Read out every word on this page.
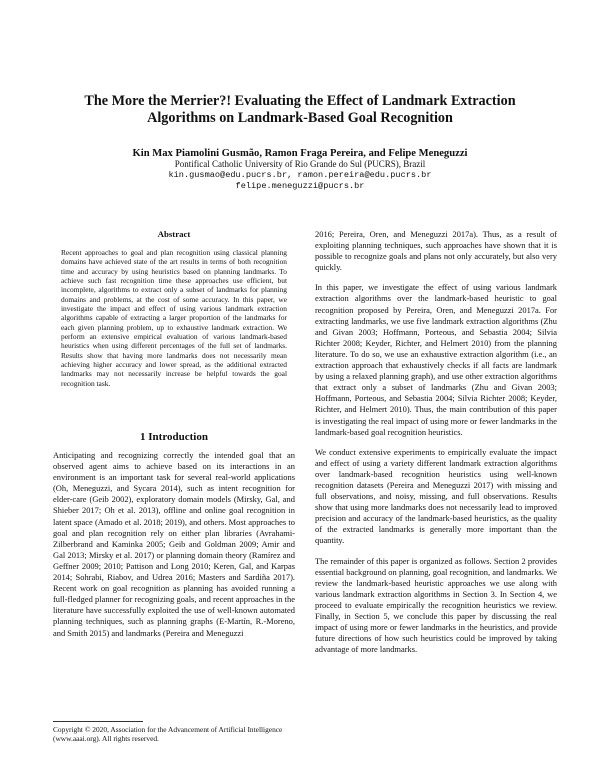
The More the Merrier?! Evaluating the Effect of Landmark Extraction
Algorithms on Landmark-Based Goal Recognition
Kin Max Piamolini Gusmão, Ramon Fraga Pereira, and Felipe Meneguzzi
Pontifical Catholic University of Rio Grande do Sul (PUCRS), Brazil
kin.gusmao@edu.pucrs.br, ramon.pereira@edu.pucrs.br
felipe.meneguzzi@pucrs.br
Abstract

Recent approaches to goal and plan recognition using classical planning domains have achieved state of the art results in terms of both recognition time and accuracy by using heuristics based on planning landmarks. To achieve such fast recognition time these approaches use efficient, but incomplete, algorithms to extract only a subset of landmarks for planning domains and problems, at the cost of some accuracy. In this paper, we investigate the impact and effect of using various landmark extraction algorithms capable of extracting a larger proportion of the landmarks for each given planning problem, up to exhaustive landmark extraction. We perform an extensive empirical evaluation of various landmark-based heuristics when using different percentages of the full set of landmarks. Results show that having more landmarks does not necessarily mean achieving higher accuracy and lower spread, as the additional extracted landmarks may not necessarily increase be helpful towards the goal recognition task.

1 Introduction

Anticipating and recognizing correctly the intended goal that an observed agent aims to achieve based on its interactions in an environment is an important task for several real-world applications (Oh, Meneguzzi, and Sycara 2014), such as intent recognition for elder-care (Geib 2002), exploratory domain models (Mirsky, Gal, and Shieber 2017; Oh et al. 2013), offline and online goal recognition in latent space (Amado et al. 2018; 2019), and others. Most approaches to goal and plan recognition rely on either plan libraries (Avrahami-Zilberbrand and Kaminka 2005; Geib and Goldman 2009; Amir and Gal 2013; Mirsky et al. 2017) or planning domain theory (Ramírez and Geffner 2009; 2010; Pattison and Long 2010; Keren, Gal, and Karpas 2014; Sohrabi, Riabov, and Udrea 2016; Masters and Sardiña 2017). Recent work on goal recognition as planning has avoided running a full-fledged planner for recognizing goals, and recent approaches in the literature have successfully exploited the use of well-known automated planning techniques, such as planning graphs (E-Martín, R.-Moreno, and Smith 2015) and landmarks (Pereira and Meneguzzi

Copyright © 2020, Association for the Advancement of Artificial Intelligence (www.aaai.org). All rights reserved.

2016; Pereira, Oren, and Meneguzzi 2017a). Thus, as a result of exploiting planning techniques, such approaches have shown that it is possible to recognize goals and plans not only accurately, but also very quickly.

In this paper, we investigate the effect of using various landmark extraction algorithms over the landmark-based heuristic to goal recognition proposed by Pereira, Oren, and Meneguzzi 2017a. For extracting landmarks, we use five landmark extraction algorithms (Zhu and Givan 2003; Hoffmann, Porteous, and Sebastia 2004; Silvia Richter 2008; Keyder, Richter, and Helmert 2010) from the planning literature. To do so, we use an exhaustive extraction algorithm (i.e., an extraction approach that exhaustively checks if all facts are landmark by using a relaxed planning graph), and use other extraction algorithms that extract only a subset of landmarks (Zhu and Givan 2003; Hoffmann, Porteous, and Sebastia 2004; Silvia Richter 2008; Keyder, Richter, and Helmert 2010). Thus, the main contribution of this paper is investigating the real impact of using more or fewer landmarks in the landmark-based goal recognition heuristics.

We conduct extensive experiments to empirically evaluate the impact and effect of using a variety different landmark extraction algorithms over landmark-based recognition heuristics using well-known recognition datasets (Pereira and Meneguzzi 2017) with missing and full observations, and noisy, missing, and full observations. Results show that using more landmarks does not necessarily lead to improved precision and accuracy of the landmark-based heuristics, as the quality of the extracted landmarks is generally more important than the quantity.

The remainder of this paper is organized as follows. Section 2 provides essential background on planning, goal recognition, and landmarks. We review the landmark-based heuristic approaches we use along with various landmark extraction algorithms in Section 3. In Section 4, we proceed to evaluate empirically the recognition heuristics we review. Finally, in Section 5, we conclude this paper by discussing the real impact of using more or fewer landmarks in the heuristics, and provide future directions of how such heuristics could be improved by taking advantage of more landmarks.
